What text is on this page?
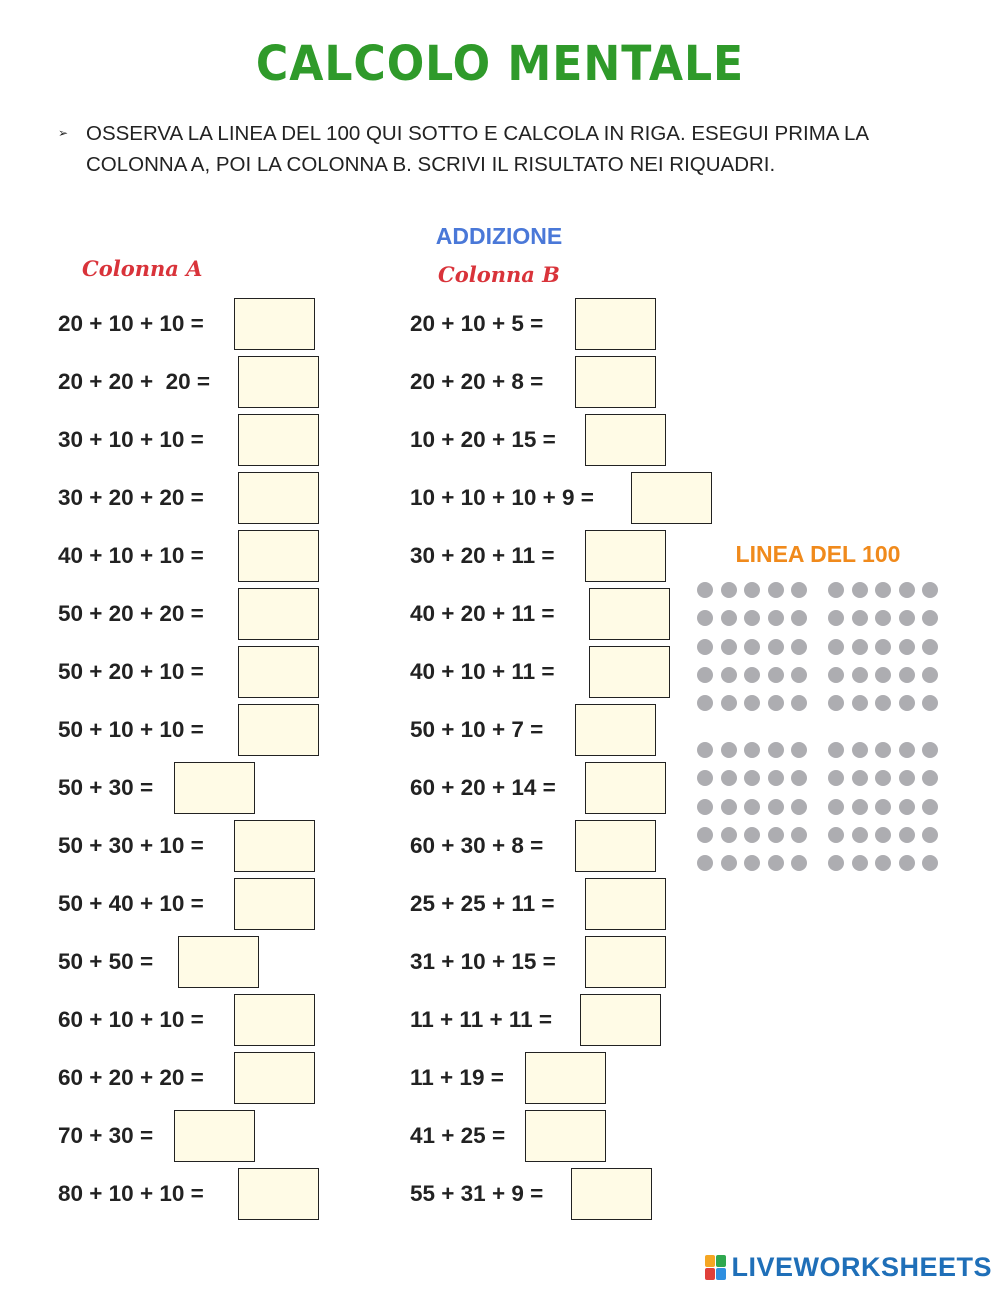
CALCOLO MENTALE
➢ OSSERVA LA LINEA DEL 100 QUI SOTTO E CALCOLA IN RIGA. ESEGUI PRIMA LA COLONNA A, POI LA COLONNA B. SCRIVI IL RISULTATO NEI RIQUADRI.
ADDIZIONE
Colonna A	Colonna B
20 + 10 + 10 =
20 + 20 +  20 =
30 + 10 + 10 =
30 + 20 + 20 =
40 + 10 + 10 =
50 + 20 + 20 =
50 + 20 + 10 =
50 + 10 + 10 =
50 + 30 =
50 + 30 + 10 =
50 + 40 + 10 =
50 + 50 =
60 + 10 + 10 =
60 + 20 + 20 =
70 + 30 =
80 + 10 + 10 =
20 + 10 + 5 =
20 + 20 + 8 =
10 + 20 + 15 =
10 + 10 + 10 + 9 =
30 + 20 + 11 =
40 + 20 + 11 =
40 + 10 + 11 =
50 + 10 + 7 =
60 + 20 + 14 =
60 + 30 + 8 =
25 + 25 + 11 =
31 + 10 + 15 =
11 + 11 + 11 =
11 + 19 =
41 + 25 =
55 + 31 + 9 =
LINEA DEL 100
LIVEWORKSHEETS
